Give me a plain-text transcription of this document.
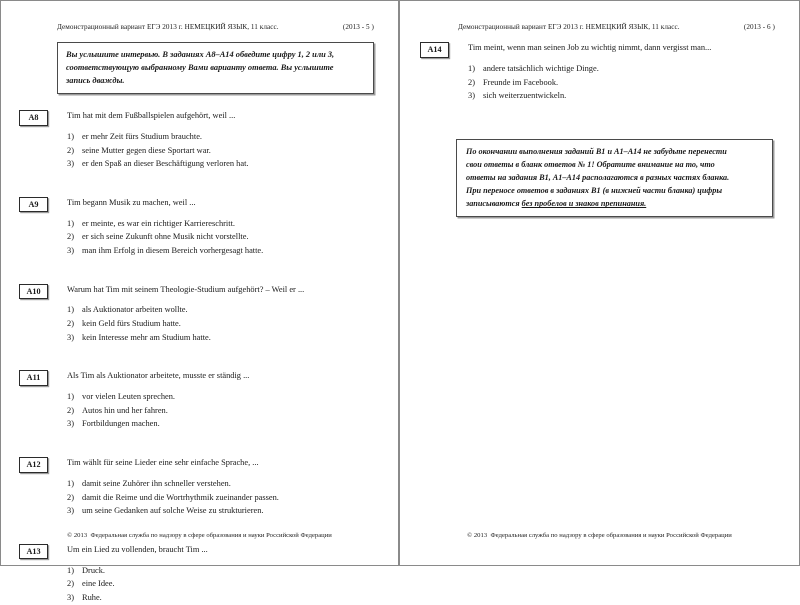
Демонстрационный вариант ЕГЭ 2013 г.
НЕМЕЦКИЙ ЯЗЫК , 11 класс.	(2013 - 5 )

Вы услышите интервью. В заданиях A8–A14 обведите цифру 1, 2 или 3,

соответствующую выбранному Вами варианту ответа. Вы услышите

запись дважды.

A8	Tim hat mit dem Fußballspielen aufgehört, weil ...

1) er mehr Zeit fürs Studium brauchte.
2) seine Mutter gegen diese Sportart war.
3) er den Spaß an dieser Beschäftigung verloren hat.
A9	Tim begann Musik zu machen, weil ...

1) er meinte, es war ein richtiger Karriereschritt.
2) er sich seine Zukunft ohne Musik nicht vorstellte.
3) man ihm Erfolg in diesem Bereich vorhergesagt hatte.
A10	Warum hat Tim mit seinem Theologie-Studium aufgehört? – Weil er ...

1) als Auktionator arbeiten wollte.
2) kein Geld fürs Studium hatte.
3) kein Interesse mehr am Studium hatte.
A11	Als Tim als Auktionator arbeitete, musste er ständig ...

1) vor vielen Leuten sprechen.
2) Autos hin und her fahren.
3) Fortbildungen machen.
A12	Tim wählt für seine Lieder eine sehr einfache Sprache, ...

1) damit seine Zuhörer ihn schneller verstehen.
2) damit die Reime und die Wortrhythmik zueinander passen.
3) um seine Gedanken auf solche Weise zu strukturieren.
A13	Um ein Lied zu vollenden, braucht Tim ...

1) Druck.
2) eine Idee.
3) Ruhe.
© 2013 Федеральная служба по надзору в сфере образования и науки Российской Федерации
Демонстрационный вариант ЕГЭ 2013 г.
НЕМЕЦКИЙ ЯЗЫК , 11 класс.	(2013 - 6 )
A14	Tim meint, wenn man seinen Job zu wichtig nimmt, dann vergisst man...

1) andere tatsächlich wichtige Dinge.
2) Freunde im Facebook.
3) sich weiterzuentwickeln.

По окончании выполнения заданий В1 и A1–A14 не забудьте перенести

свои ответы в бланк ответов № 1! Обратите внимание на то, что

ответы на задания В1, A1–A14 располагаются в разных частях бланка.

При переносе ответов в заданиях В1 (в нижней части бланка) цифры

записываются без пробелов и знаков препинания.

© 2013 Федеральная служба по надзору в сфере образования и науки Российской Федерации
